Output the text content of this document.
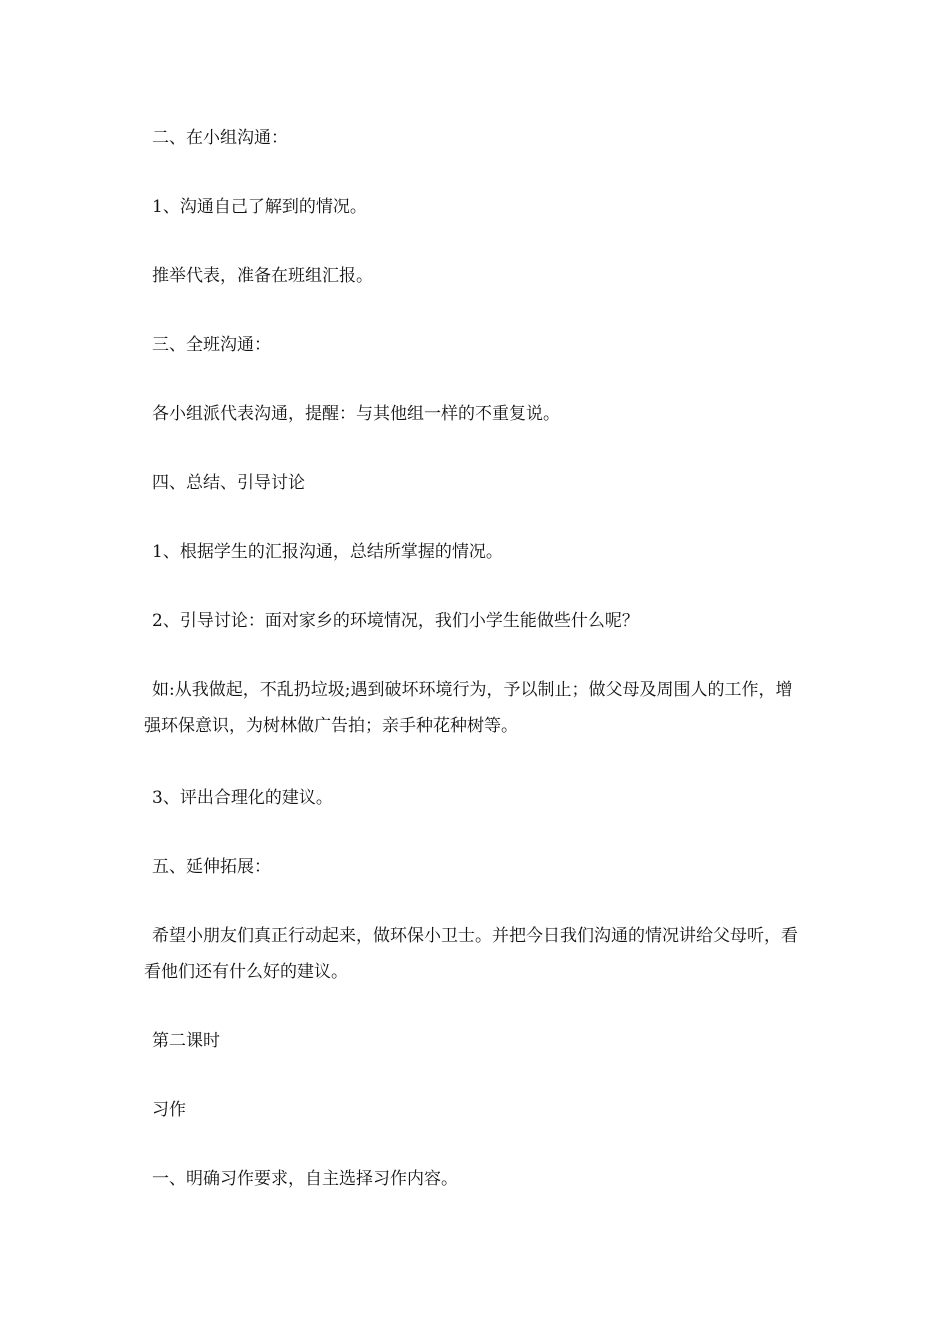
二、在小组沟通：

1、沟通自己了解到的情况。

推举代表，准备在班组汇报。

三、全班沟通：

各小组派代表沟通，提醒：与其他组一样的不重复说。

四、总结、引导讨论

1、根据学生的汇报沟通，总结所掌握的情况。

2、引导讨论：面对家乡的环境情况，我们小学生能做些什么呢？

如:从我做起，不乱扔垃圾;遇到破坏环境行为，予以制止；做父母及周围人的工作，增强环保意识，为树林做广告拍；亲手种花种树等。

3、评出合理化的建议。

五、延伸拓展：

希望小朋友们真正行动起来，做环保小卫士。并把今日我们沟通的情况讲给父母听，看看他们还有什么好的建议。

第二课时

习作

一、明确习作要求，自主选择习作内容。
